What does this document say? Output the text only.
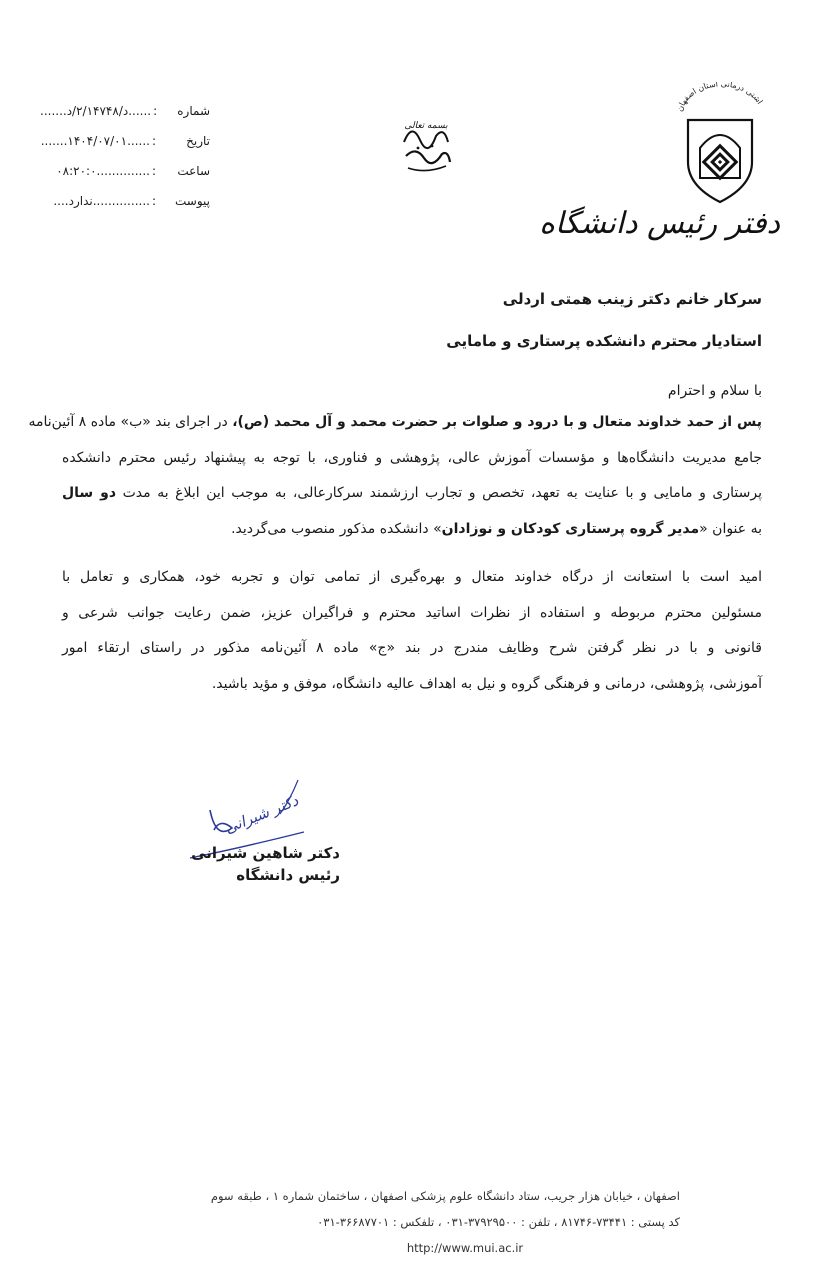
اشتی درمانی استان اصفهان
دفتر رئیس دانشگاه
بسمه تعالی
شماره
:
......د/۲/۱۴۷۴۸/د.......
تاریخ
:
......۱۴۰۴/۰۷/۰۱.......
ساعت
:
..............۰۸:۲۰:۰
پیوست
:
...............ندارد....
سرکار خانم دکتر زینب همتی اردلی
استادیار محترم دانشکده پرستاری و مامایی
با سلام و احترام
پس از حمد خداوند متعال و با درود و صلوات بر حضرت محمد و آل محمد (ص)، در اجرای بند «ب» ماده ۸ آئین‌نامه
جامع مدیریت دانشگاه‌ها و مؤسسات آموزش عالی، پژوهشی و فناوری، با توجه به پیشنهاد رئیس محترم دانشکده
پرستاری و مامایی و با عنایت به تعهد، تخصص و تجارب ارزشمند سرکارعالی، به موجب این ابلاغ به مدت دو سال
به عنوان «مدیر گروه پرستاری کودکان و نوزادان» دانشکده مذکور منصوب می‌گردید.
امید است با استعانت از درگاه خداوند متعال و بهره‌گیری از تمامی توان و تجربه خود، همکاری و تعامل با
مسئولین محترم مربوطه و استفاده از نظرات اساتید محترم و فراگیران عزیز، ضمن رعایت جوانب شرعی و
قانونی و با در نظر گرفتن شرح وظایف مندرج در بند «ج» ماده ۸ آئین‌نامه مذکور در راستای ارتقاء امور
آموزشی، پژوهشی، درمانی و فرهنگی گروه و نیل به اهداف عالیه دانشگاه، موفق و مؤید باشید.
دکتر شیرانی
دکتر شاهین شیرانی
رئیس دانشگاه
اصفهان ، خیابان هزار جریب، ستاد دانشگاه علوم پزشکی اصفهان ، ساختمان شماره ۱ ، طبقه سوم
کد پستی : ۷۳۴۴۱-۸۱۷۴۶ ، تلفن : ۳۷۹۲۹۵۰۰-۰۳۱ ، تلفکس : ۳۶۶۸۷۷۰۱-۰۳۱
http://www.mui.ac.ir
